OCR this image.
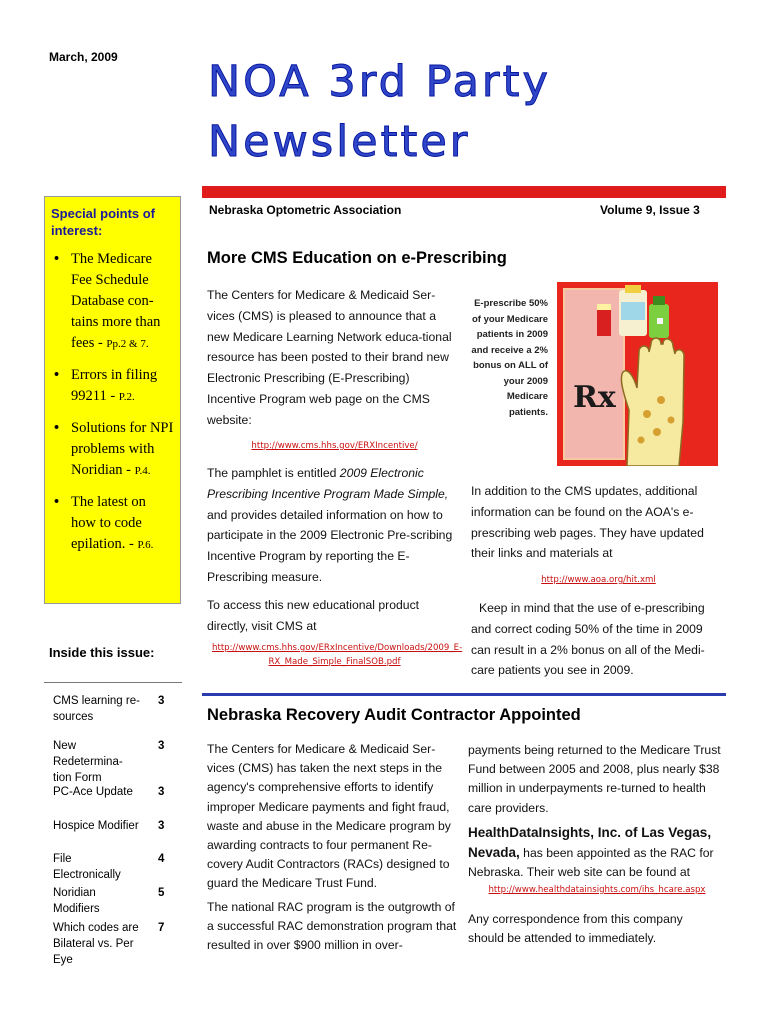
March, 2009 NOA 3rd Party
Newsletter
Nebraska Optometric Association	Volume 9, Issue 3
Special points of interest:
• The Medicare Fee Schedule Database con-tains more than fees - Pp.2 & 7.
• Errors in filing 99211 - P.2.
• Solutions for NPI problems with Noridian - P.4.
• The latest on how to code epilation. - P.6.
Inside this issue:
CMS learning re-sources
3
New Redetermina-tion Form
3
PC-Ace Update 3
Hospice Modifier 3
File Electronically
4
Noridian Modifiers
5
Which codes are Bilateral vs. Per Eye
7
More CMS Education on e-Prescribing
The Centers for Medicare & Medicaid Ser-vices (CMS) is pleased to announce that a new Medicare Learning Network educa-tional resource has been posted to their brand new Electronic Prescribing (E-Prescribing) Incentive Program web page on the CMS website:
http://www.cms.hhs.gov/ERXIncentive/
The pamphlet is entitled 2009 Electronic Prescribing Incentive Program Made Simple, and provides detailed information on how to participate in the 2009 Electronic Pre-scribing Incentive Program by reporting the E-Prescribing measure.
To access this new educational product directly, visit CMS at
http://www.cms.hhs.gov/ERxIncentive/Downloads/2009_E-RX_Made_Simple_FinalSOB.pdf
E-prescribe 50% of your Medicare patients in 2009 and receive a 2% bonus on ALL of your 2009 Medicare patients. Rx
In addition to the CMS updates, additional information can be found on the AOA's e-prescribing web pages. They have updated their links and materials at
http://www.aoa.org/hit.xml
Keep in mind that the use of e-prescribing and correct coding 50% of the time in 2009 can result in a 2% bonus on all of the Medi-care patients you see in 2009.
Nebraska Recovery Audit Contractor Appointed
The Centers for Medicare & Medicaid Ser-vices (CMS) has taken the next steps in the agency's comprehensive efforts to identify improper Medicare payments and fight fraud, waste and abuse in the Medicare program by awarding contracts to four permanent Re-covery Audit Contractors (RACs) designed to guard the Medicare Trust Fund.
The national RAC program is the outgrowth of a successful RAC demonstration program that resulted in over $900 million in over-
payments being returned to the Medicare Trust Fund between 2005 and 2008, plus nearly $38 million in underpayments re-turned to health care providers.
HealthDataInsights, Inc. of Las Vegas, Nevada, has been appointed as the RAC for Nebraska. Their web site can be found at
http://www.healthdatainsights.com/ihs_hcare.aspx
Any correspondence from this company should be attended to immediately.
